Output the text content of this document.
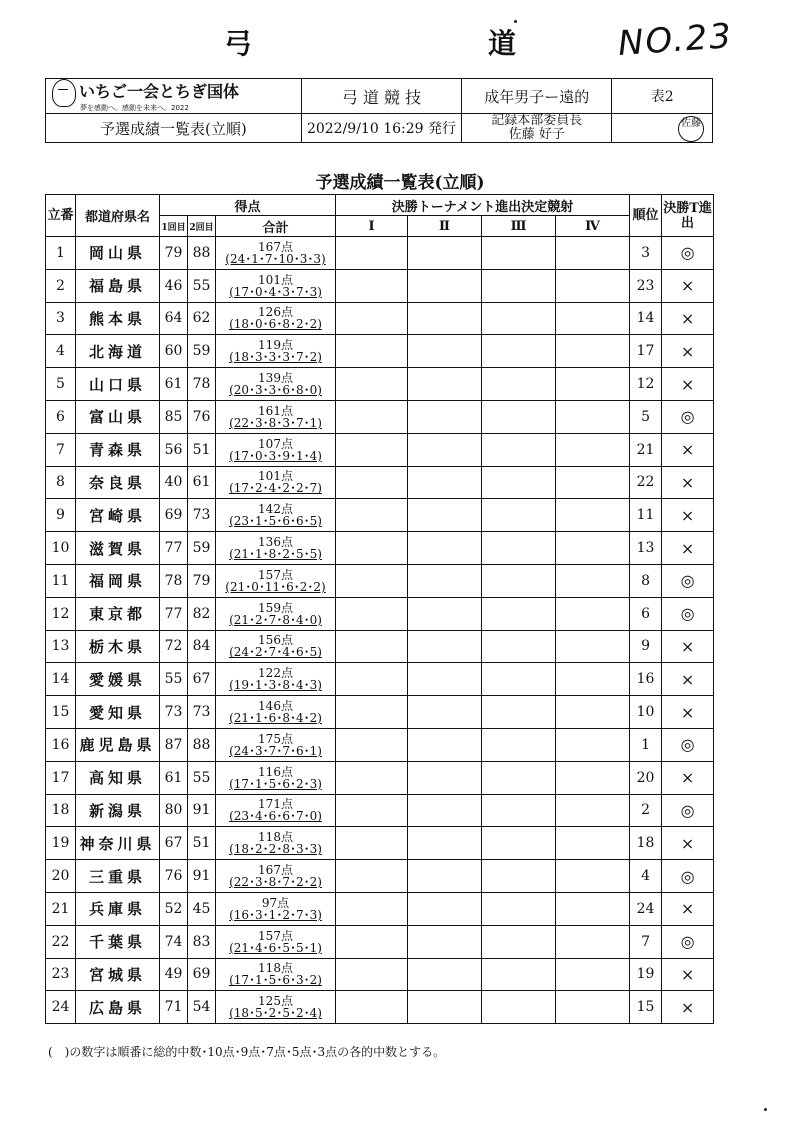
弓　　道	NO.23
いちご一会とちぎ国体
夢を感動へ。感動を未来へ。2022	弓 道 競 技	成年男子ー遠的	表2
予選成績一覧表(立順)	2022/9/10 16:29 発行	記録本部委員長
佐藤 好子	佐藤
予選成績一覧表(立順)
立番	都道府県名	得点			決勝トーナメント進出決定競射				順位	決勝T進出
		1回目	2回目	合計	Ⅰ	Ⅱ	Ⅲ	Ⅳ		
1	岡山県	79	88	167点
(24･1･7･10･3･3)					3	◎
2	福島県	46	55	101点
(17･0･4･3･7･3)					23	×
3	熊本県	64	62	126点
(18･0･6･8･2･2)					14	×
4	北海道	60	59	119点
(18･3･3･3･7･2)					17	×
5	山口県	61	78	139点
(20･3･3･6･8･0)					12	×
6	富山県	85	76	161点
(22･3･8･3･7･1)					5	◎
7	青森県	56	51	107点
(17･0･3･9･1･4)					21	×
8	奈良県	40	61	101点
(17･2･4･2･2･7)					22	×
9	宮崎県	69	73	142点
(23･1･5･6･6･5)					11	×
10	滋賀県	77	59	136点
(21･1･8･2･5･5)					13	×
11	福岡県	78	79	157点
(21･0･11･6･2･2)					8	◎
12	東京都	77	82	159点
(21･2･7･8･4･0)					6	◎
13	栃木県	72	84	156点
(24･2･7･4･6･5)					9	×
14	愛媛県	55	67	122点
(19･1･3･8･4･3)					16	×
15	愛知県	73	73	146点
(21･1･6･8･4･2)					10	×
16	鹿児島県	87	88	175点
(24･3･7･7･6･1)					1	◎
17	高知県	61	55	116点
(17･1･5･6･2･3)					20	×
18	新潟県	80	91	171点
(23･4･6･6･7･0)					2	◎
19	神奈川県	67	51	118点
(18･2･2･8･3･3)					18	×
20	三重県	76	91	167点
(22･3･8･7･2･2)					4	◎
21	兵庫県	52	45	97点
(16･3･1･2･7･3)					24	×
22	千葉県	74	83	157点
(21･4･6･5･5･1)					7	◎
23	宮城県	49	69	118点
(17･1･5･6･3･2)					19	×
24	広島県	71	54	125点
(18･5･2･5･2･4)					15	×
(　)の数字は順番に総的中数･10点･9点･7点･5点･3点の各的中数とする。
